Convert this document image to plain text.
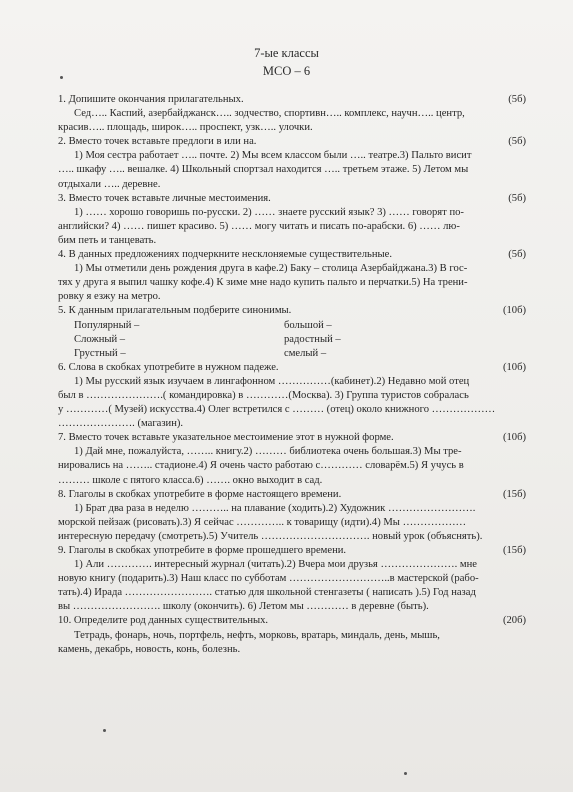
7-ые классы
МСО – 6
1. Допишите окончания прилагательных.	(5б)
Сед….. Каспий, азербайджанск….. зодчество, спортивн….. комплекс, научн….. центр,
красив….. площадь, широк….. проспект, узк….. улочки.
2. Вместо точек вставьте предлоги в или на.	(5б)
1) Моя сестра работает ….. почте. 2) Мы всем классом были ….. театре.3) Пальто висит
….. шкафу ….. вешалке. 4) Школьный спортзал находится ….. третьем этаже. 5) Летом мы
отдыхали ….. деревне.
3. Вместо точек вставьте личные местоимения.	(5б)
1) …… хорошо говоришь по-русски. 2) …… знаете русский язык? 3) …… говорят по-
английски? 4) …… пишет красиво. 5) …… могу читать и писать по-арабски. 6) …… лю-
бим петь и танцевать.
4. В данных предложениях подчеркните несклоняемые существительные.	(5б)
1) Мы отметили день рождения друга в кафе.2) Баку – столица Азербайджана.3) В гос-
тях у друга я выпил чашку кофе.4) К зиме мне надо купить пальто и перчатки.5) На трени-
ровку я езжу на метро.
5. К данным прилагательным подберите синонимы.	(10б)
Популярный –	большой –
Сложный –	радостный –
Грустный –	смелый –
6. Слова в скобках употребите в нужном падеже.	(10б)
1) Мы русский язык изучаем в лингафонном ……………(кабинет).2) Недавно мой отец
был в ………………….( командировка) в …………(Москва). 3) Группа туристов собралась
у …………( Музей) искусства.4) Олег встретился с ……… (отец) около книжного ………………
…………………. (магазин).
7. Вместо точек вставьте указательное местоимение этот в нужной форме.	(10б)
1) Дай мне, пожалуйста, …….. книгу.2) ……… библиотека очень большая.3) Мы тре-
нировались на …….. стадионе.4) Я очень часто работаю с………… словарём.5) Я учусь в
……… школе с пятого класса.6) ……. окно выходит в сад.
8. Глаголы в скобках употребите в форме настоящего времени.	(15б)
1) Брат два раза в неделю ……….. на плавание (ходить).2) Художник …………………….
морской пейзаж (рисовать).3) Я сейчас ………….. к товарищу (идти).4) Мы ………………
интересную передачу (смотреть).5) Учитель …………………………. новый урок (объяснять).
9. Глаголы в скобках употребите в форме прошедшего времени.	(15б)
1) Али …………. интересный журнал (читать).2) Вчера мои друзья …………………. мне
новую книгу (подарить).3) Наш класс по субботам ………………………..в мастерской (рабо-
тать).4) Ирада ……………………. статью для школьной стенгазеты ( написать ).5) Год назад
вы ……………………. школу (окончить). 6) Летом мы ………… в деревне (быть).
10. Определите род данных существительных.	(20б)
Тетрадь, фонарь, ночь, портфель, нефть, морковь, вратарь, миндаль, день, мышь,
камень, декабрь, новость, конь, болезнь.
